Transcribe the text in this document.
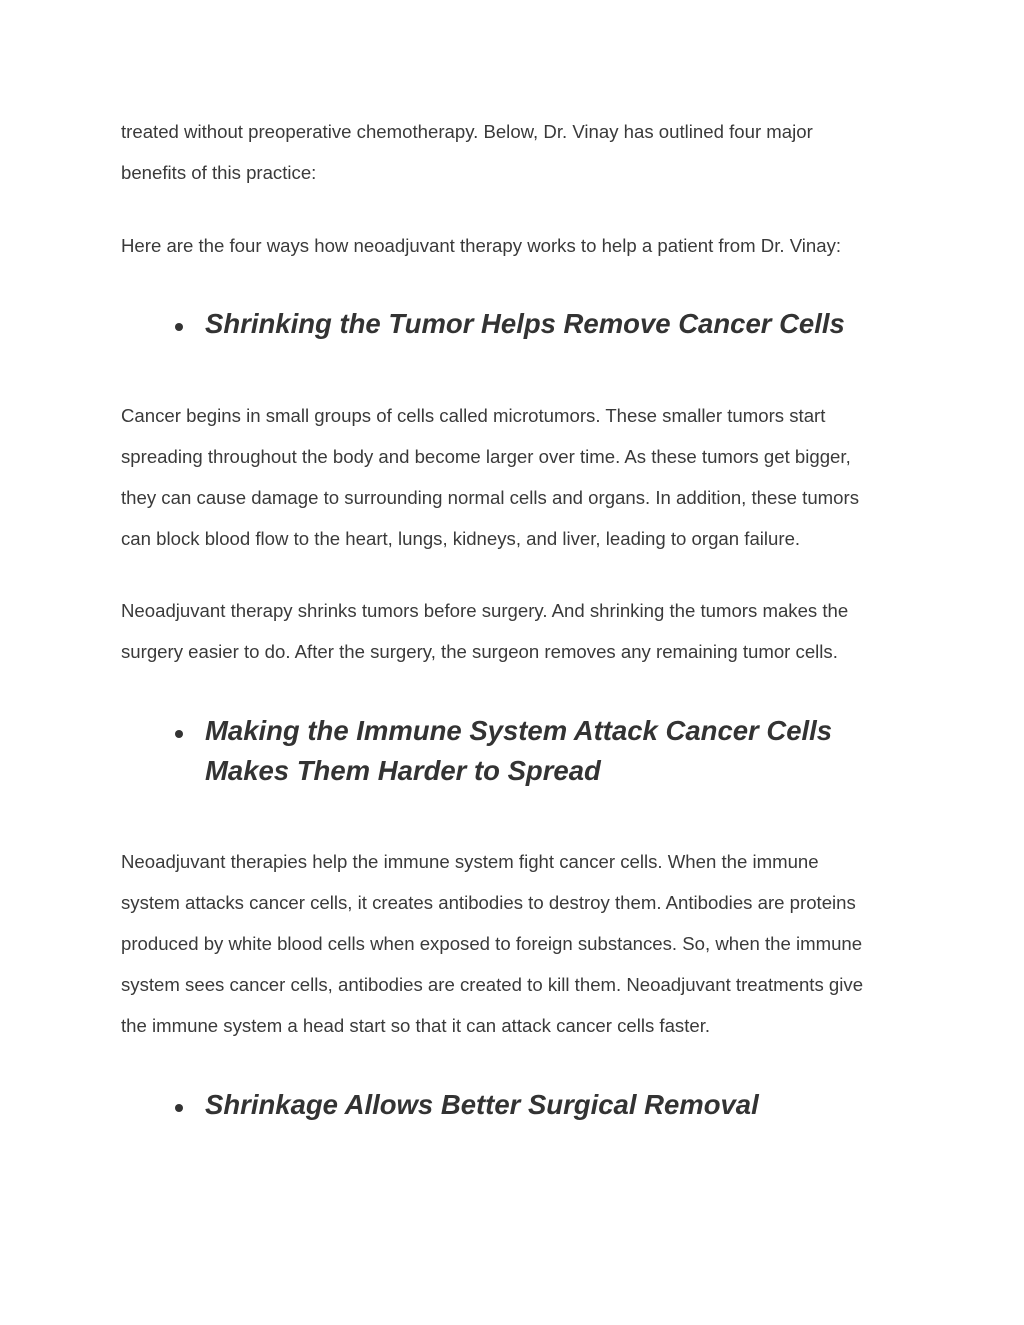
treated without preoperative chemotherapy. Below, Dr. Vinay has outlined four major
benefits of this practice:

Here are the four ways how neoadjuvant therapy works to help a patient from Dr. Vinay:

Shrinking the Tumor Helps Remove Cancer Cells

Cancer begins in small groups of cells called microtumors. These smaller tumors start
spreading throughout the body and become larger over time. As these tumors get bigger,
they can cause damage to surrounding normal cells and organs. In addition, these tumors
can block blood flow to the heart, lungs, kidneys, and liver, leading to organ failure.

Neoadjuvant therapy shrinks tumors before surgery. And shrinking the tumors makes the
surgery easier to do. After the surgery, the surgeon removes any remaining tumor cells.

Making the Immune System Attack Cancer Cells
Makes Them Harder to Spread

Neoadjuvant therapies help the immune system fight cancer cells. When the immune
system attacks cancer cells, it creates antibodies to destroy them. Antibodies are proteins
produced by white blood cells when exposed to foreign substances. So, when the immune
system sees cancer cells, antibodies are created to kill them. Neoadjuvant treatments give
the immune system a head start so that it can attack cancer cells faster.

Shrinkage Allows Better Surgical Removal
